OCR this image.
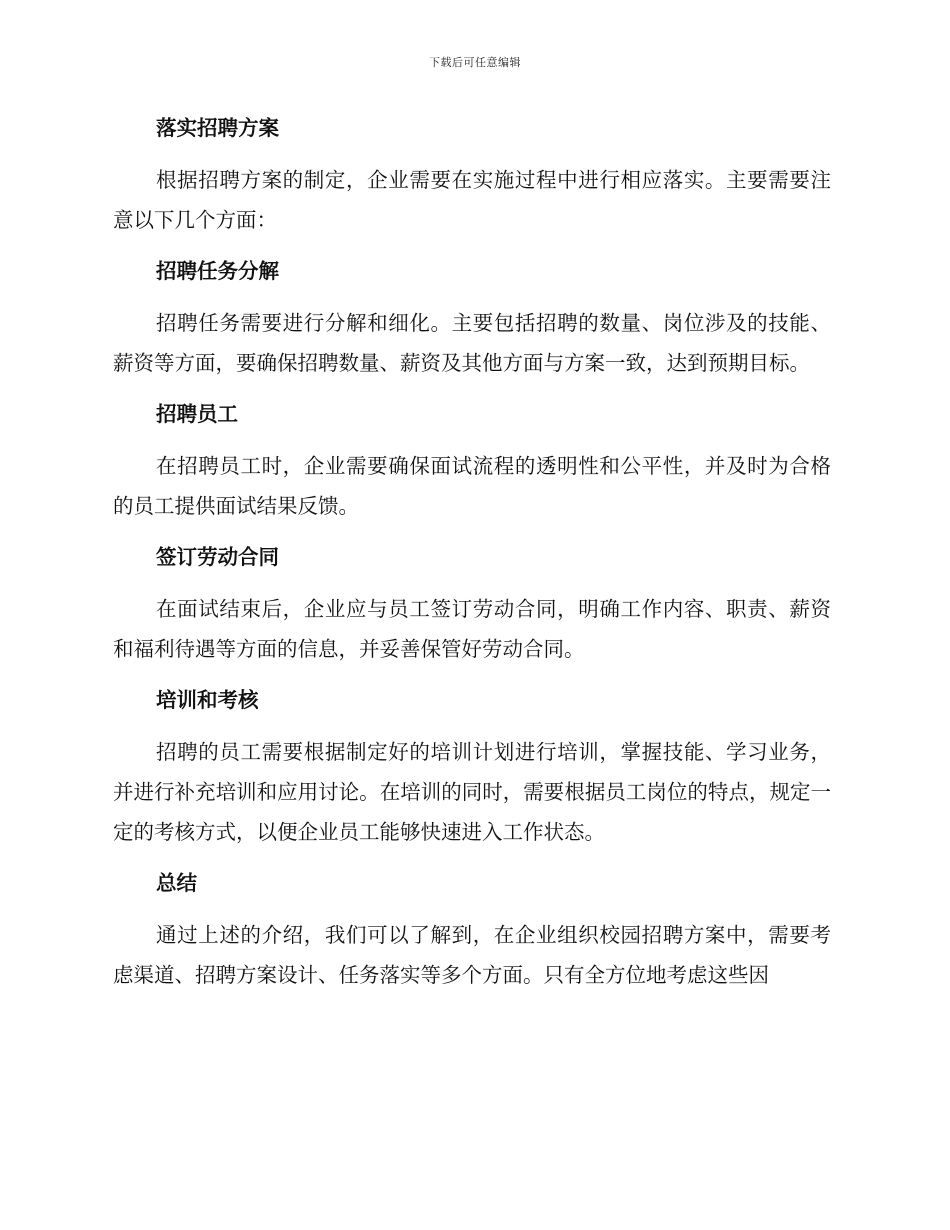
下载后可任意编辑
落实招聘方案

根据招聘方案的制定，企业需要在实施过程中进行相应落实。主要需要注意以下几个方面：

招聘任务分解

招聘任务需要进行分解和细化。主要包括招聘的数量、岗位涉及的技能、薪资等方面，要确保招聘数量、薪资及其他方面与方案一致，达到预期目标。

招聘员工

在招聘员工时，企业需要确保面试流程的透明性和公平性，并及时为合格的员工提供面试结果反馈。

签订劳动合同

在面试结束后，企业应与员工签订劳动合同，明确工作内容、职责、薪资和福利待遇等方面的信息，并妥善保管好劳动合同。

培训和考核

招聘的员工需要根据制定好的培训计划进行培训，掌握技能、学习业务，并进行补充培训和应用讨论。在培训的同时，需要根据员工岗位的特点，规定一定的考核方式，以便企业员工能够快速进入工作状态。

总结

通过上述的介绍，我们可以了解到，在企业组织校园招聘方案中，需要考虑渠道、招聘方案设计、任务落实等多个方面。只有全方位地考虑这些因
